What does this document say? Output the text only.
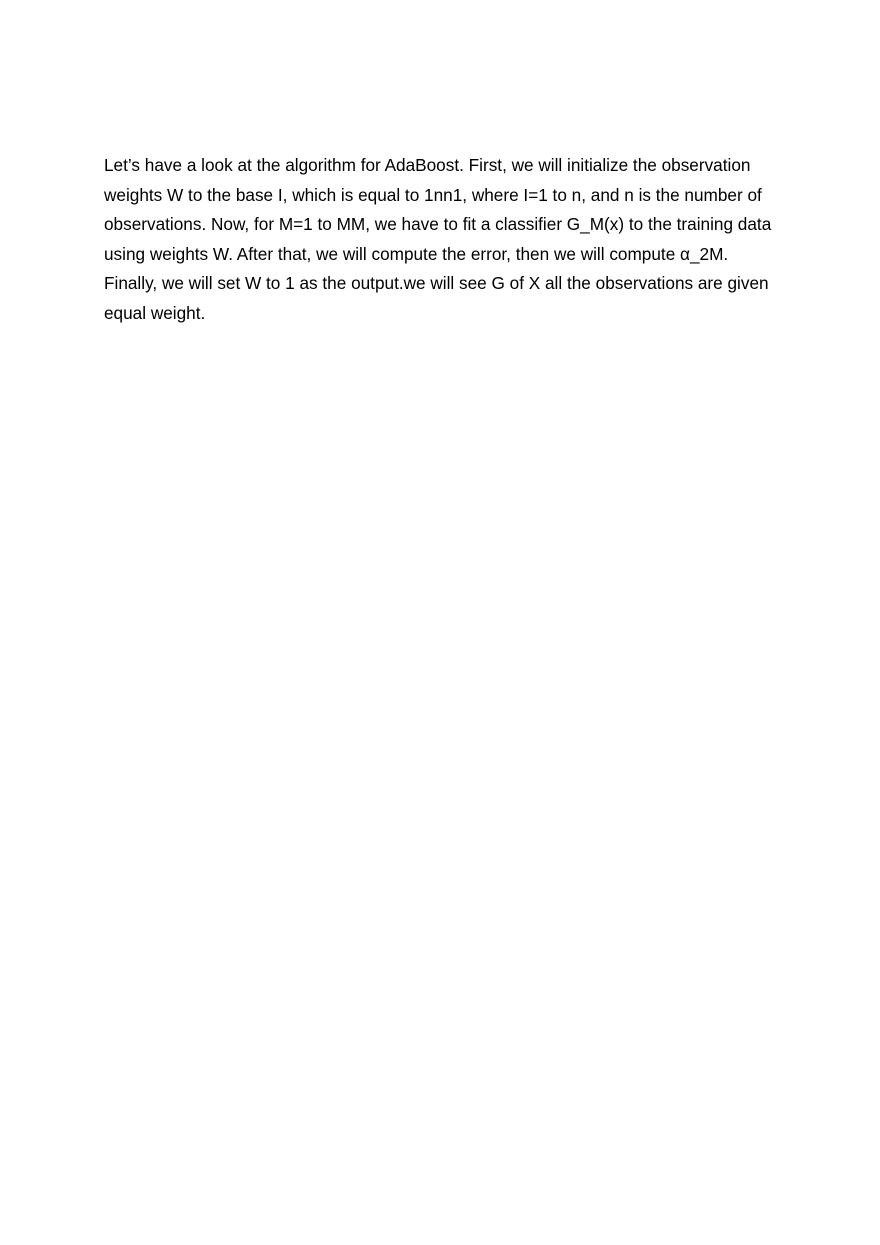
Let’s have a look at the algorithm for AdaBoost. First, we will initialize the observation
weights W to the base I, which is equal to 1nn1, where I=1 to n, and n is the number of
observations. Now, for M=1 to MM, we have to fit a classifier G_M(x) to the training data
using weights W. After that, we will compute the error, then we will compute α_2M.
Finally, we will set W to 1 as the output.we will see G of X all the observations are given
equal weight.
